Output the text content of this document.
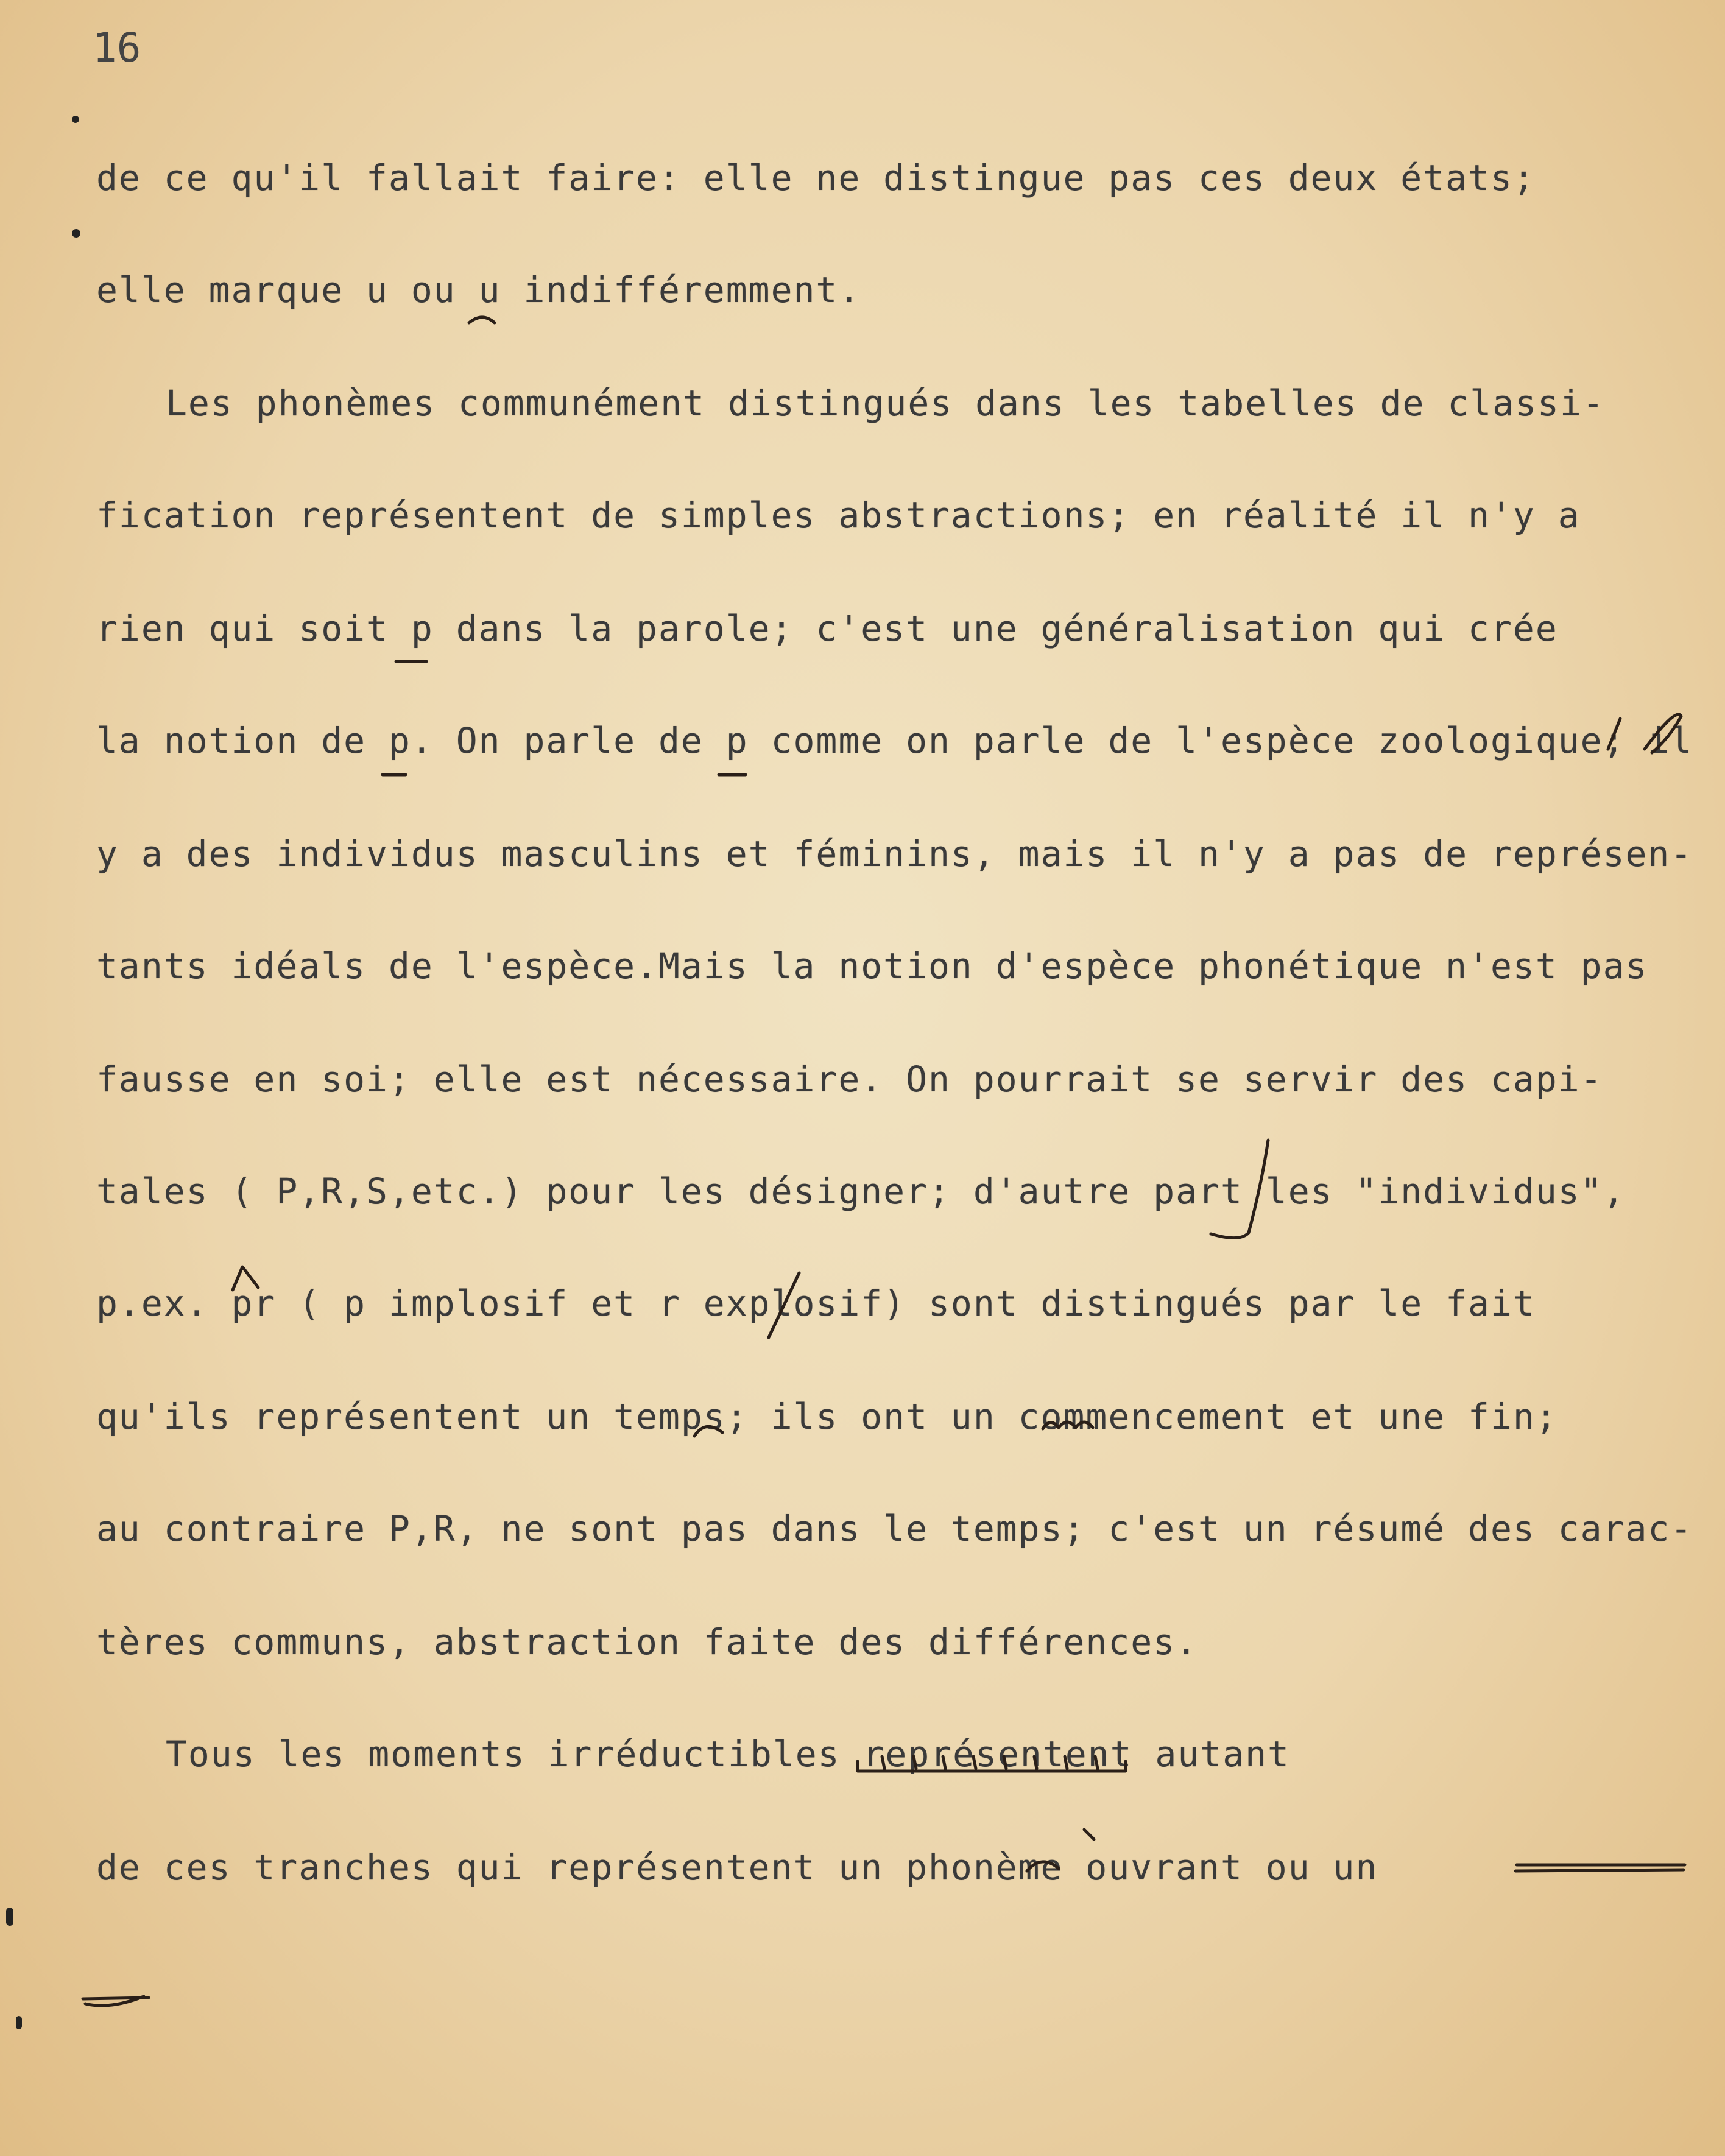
16
de ce qu'il fallait faire: elle ne distingue pas ces deux états;
elle marque u ou u indifféremment.
Les phonèmes communément distingués dans les tabelles de classi-
fication représentent de simples abstractions; en réalité il n'y a
rien qui soit p dans la parole; c'est une généralisation qui crée
la notion de p. On parle de p comme on parle de l'espèce zoologique; il
y a des individus masculins et féminins, mais il n'y a pas de représen-
tants idéals de l'espèce.Mais la notion d'espèce phonétique n'est pas
fausse en soi; elle est nécessaire. On pourrait se servir des capi-
tales ( P,R,S,etc.) pour les désigner; d'autre part les "individus",
p.ex. pr ( p implosif et r explosif) sont distingués par le fait
qu'ils représentent un temps; ils ont un commencement et une fin;
au contraire P,R, ne sont pas dans le temps; c'est un résumé des carac-
tères communs, abstraction faite des différences.
Tous les moments irréductibles représentent autant
de ces tranches qui représentent un phonème ouvrant ou un
